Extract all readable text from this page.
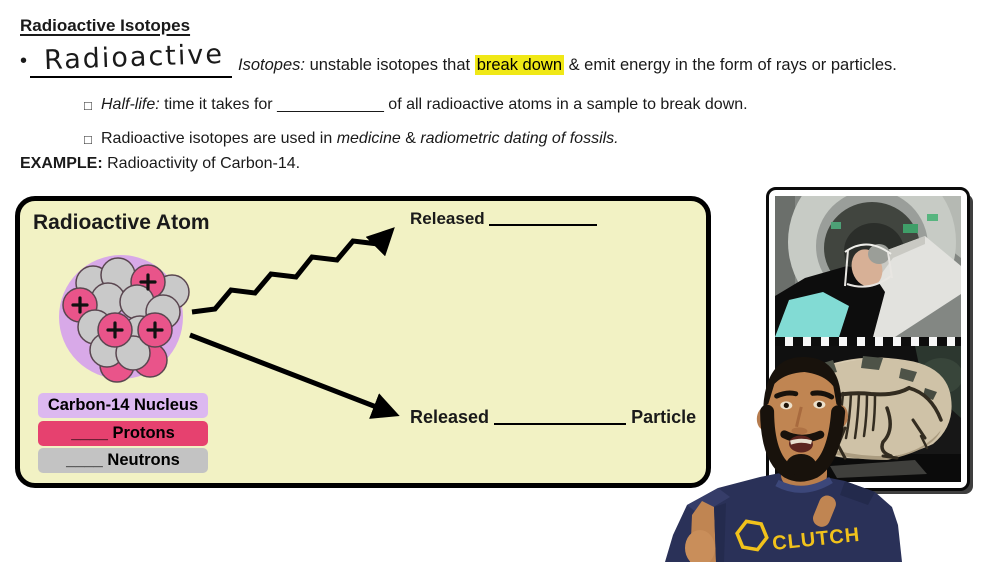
Radioactive Isotopes
• Radioactive Isotopes: unstable isotopes that break down & emit energy in the form of rays or particles.
□ Half-life: time it takes for ____________ of all radioactive atoms in a sample to break down.
□ Radioactive isotopes are used in medicine & radiometric dating of fossils.
EXAMPLE: Radioactivity of Carbon-14.
Radioactive Atom
Carbon-14 Nucleus
____ Protons
____ Neutrons
Released
Released	Particle
CLUTCH
